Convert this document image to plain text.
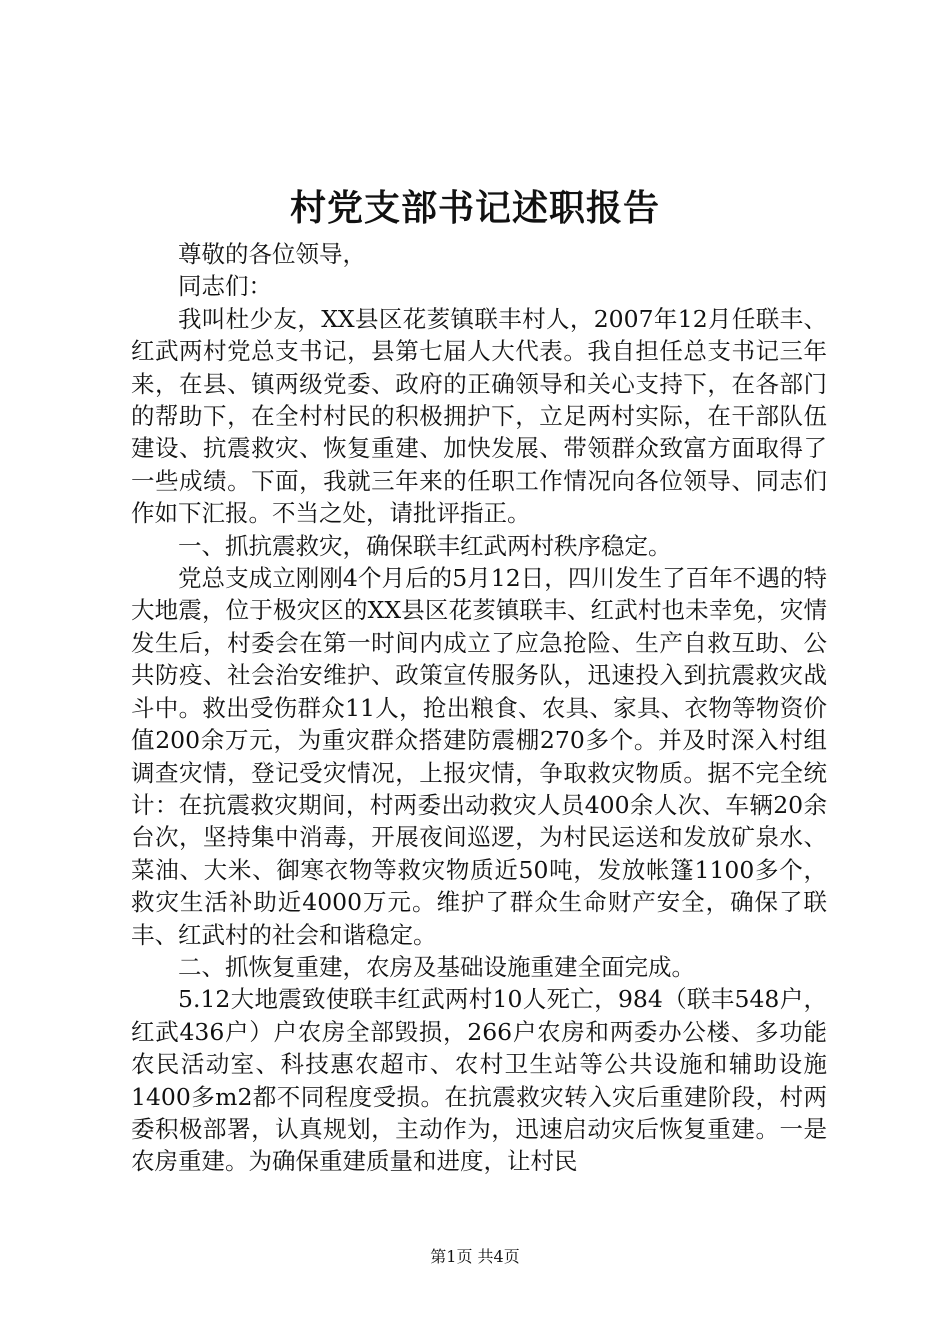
村党支部书记述职报告

尊敬的各位领导，

同志们：

我叫杜少友，XX县区花荄镇联丰村人，2007年12月任联丰、红武两村党总支书记，县第七届人大代表。我自担任总支书记三年来，在县、镇两级党委、政府的正确领导和关心支持下，在各部门的帮助下，在全村村民的积极拥护下，立足两村实际，在干部队伍建设、抗震救灾、恢复重建、加快发展、带领群众致富方面取得了一些成绩。下面，我就三年来的任职工作情况向各位领导、同志们作如下汇报。不当之处，请批评指正。

一、抓抗震救灾，确保联丰红武两村秩序稳定。

党总支成立刚刚4个月后的5月12日，四川发生了百年不遇的特大地震，位于极灾区的XX县区花荄镇联丰、红武村也未幸免，灾情发生后，村委会在第一时间内成立了应急抢险、生产自救互助、公共防疫、社会治安维护、政策宣传服务队，迅速投入到抗震救灾战斗中。救出受伤群众11人，抢出粮食、农具、家具、衣物等物资价值200余万元，为重灾群众搭建防震棚270多个。并及时深入村组调查灾情，登记受灾情况，上报灾情，争取救灾物质。据不完全统计：在抗震救灾期间，村两委出动救灾人员400余人次、车辆20余台次，坚持集中消毒，开展夜间巡逻，为村民运送和发放矿泉水、菜油、大米、御寒衣物等救灾物质近50吨，发放帐篷1100多个，救灾生活补助近4000万元。维护了群众生命财产安全，确保了联丰、红武村的社会和谐稳定。

二、抓恢复重建，农房及基础设施重建全面完成。

5.12大地震致使联丰红武两村10人死亡，984（联丰548户，红武436户）户农房全部毁损，266户农房和两委办公楼、多功能农民活动室、科技惠农超市、农村卫生站等公共设施和辅助设施1400多m2都不同程度受损。在抗震救灾转入灾后重建阶段，村两委积极部署，认真规划，主动作为，迅速启动灾后恢复重建。一是农房重建。为确保重建质量和进度，让村民

第1页 共4页
